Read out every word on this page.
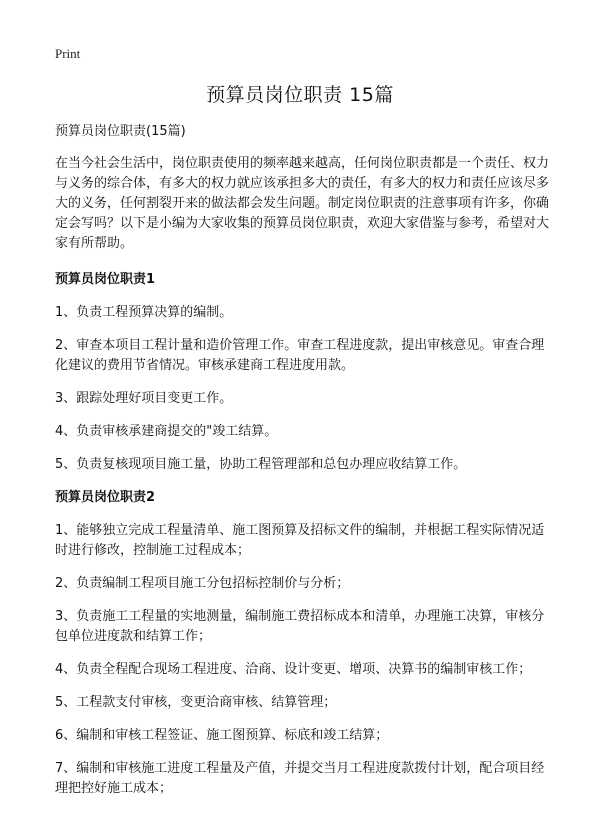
Print
预算员岗位职责 15篇

预算员岗位职责(15篇)

在当今社会生活中，岗位职责使用的频率越来越高，任何岗位职责都是一个责任、权力与义务的综合体，有多大的权力就应该承担多大的责任，有多大的权力和责任应该尽多大的义务，任何割裂开来的做法都会发生问题。制定岗位职责的注意事项有许多，你确定会写吗？以下是小编为大家收集的预算员岗位职责，欢迎大家借鉴与参考，希望对大家有所帮助。

预算员岗位职责1

1、负责工程预算决算的编制。

2、审查本项目工程计量和造价管理工作。审查工程进度款，提出审核意见。审查合理化建议的费用节省情况。审核承建商工程进度用款。

3、跟踪处理好项目变更工作。

4、负责审核承建商提交的"竣工结算。

5、负责复核现项目施工量，协助工程管理部和总包办理应收结算工作。

预算员岗位职责2

1、能够独立完成工程量清单、施工图预算及招标文件的编制，并根据工程实际情况适时进行修改，控制施工过程成本；

2、负责编制工程项目施工分包招标控制价与分析；

3、负责施工工程量的实地测量，编制施工费招标成本和清单，办理施工决算，审核分包单位进度款和结算工作；

4、负责全程配合现场工程进度、洽商、设计变更、增项、决算书的编制审核工作；

5、工程款支付审核，变更洽商审核、结算管理；

6、编制和审核工程签证、施工图预算、标底和竣工结算；

7、编制和审核施工进度工程量及产值，并提交当月工程进度款拨付计划，配合项目经理把控好施工成本；
